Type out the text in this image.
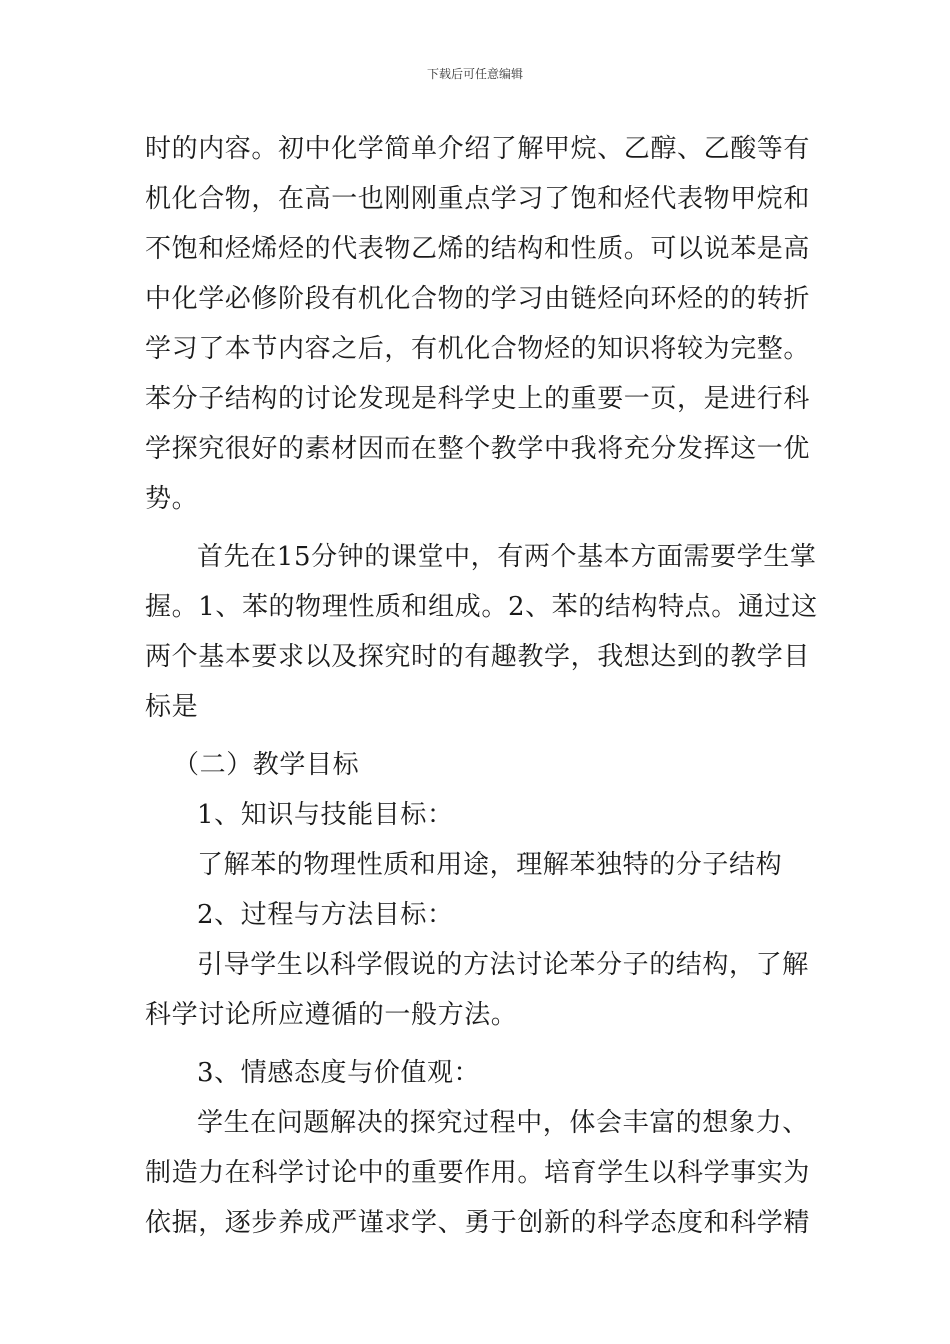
下载后可任意编辑
时的内容。初中化学简单介绍了解甲烷、乙醇、乙酸等有
机化合物，在高一也刚刚重点学习了饱和烃代表物甲烷和
不饱和烃烯烃的代表物乙烯的结构和性质。可以说苯是高
中化学必修阶段有机化合物的学习由链烃向环烃的的转折
学习了本节内容之后，有机化合物烃的知识将较为完整。
苯分子结构的讨论发现是科学史上的重要一页，是进行科
学探究很好的素材因而在整个教学中我将充分发挥这一优
势。
首先在15分钟的课堂中，有两个基本方面需要学生掌
握。1、苯的物理性质和组成。2、苯的结构特点。通过这
两个基本要求以及探究时的有趣教学，我想达到的教学目
标是
（二）教学目标
1、知识与技能目标：
了解苯的物理性质和用途，理解苯独特的分子结构
2、过程与方法目标：
引导学生以科学假说的方法讨论苯分子的结构，了解
科学讨论所应遵循的一般方法。
3、情感态度与价值观：
学生在问题解决的探究过程中，体会丰富的想象力、
制造力在科学讨论中的重要作用。培育学生以科学事实为
依据，逐步养成严谨求学、勇于创新的科学态度和科学精
